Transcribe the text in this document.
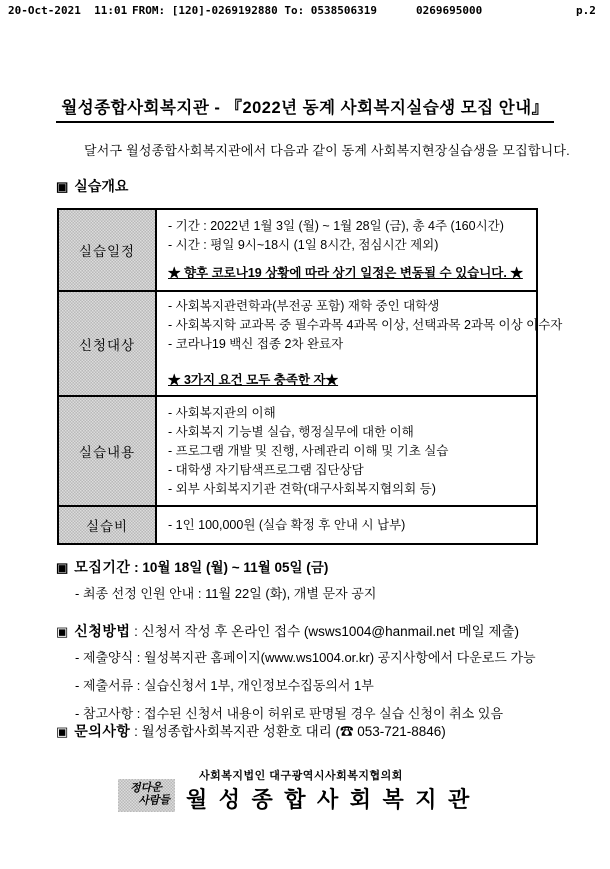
20-Oct-2021  11:01 FROM: [120]-0269192880 To: 0538506319	0269695000	p.2
월성종합사회복지관 - 『2022년 동계 사회복지실습생 모집 안내』
달서구 월성종합사회복지관에서 다음과 같이 동계 사회복지현장실습생을 모집합니다.
▣ 실습개요
실습일정	- 기간 : 2022년 1월 3일 (월) ~ 1월 28일 (금), 총 4주 (160시간)
- 시간 : 평일 9시~18시 (1일 8시간, 점심시간 제외)
★ 향후 코로나19 상황에 따라 상기 일정은 변동될 수 있습니다. ★

신청대상	- 사회복지관련학과(부전공 포함) 재학 중인 대학생
- 사회복지학 교과목 중 필수과목 4과목 이상, 선택과목 2과목 이상 이수자
- 코라나19 백신 접종 2차 완료자
★ 3가지 요건 모두 충족한 자★

실습내용	- 사회복지관의 이해
- 사회복지 기능별 실습, 행정실무에 대한 이해
- 프로그램 개발 및 진행, 사례관리 이해 및 기초 실습
- 대학생 자기탐색프로그램 집단상담
- 외부 사회복지기관 견학(대구사회복지협의회 등)

실습비	- 1인 100,000원 (실습 확정 후 안내 시 납부)
▣ 모집기간 : 10월 18일 (월) ~ 11월 05일 (금)
- 최종 선정 인원 안내 : 11월 22일 (화), 개별 문자 공지
▣ 신청방법 : 신청서 작성 후 온라인 접수 (wsws1004@hanmail.net 메일 제출)
- 제출양식 : 월성복지관 홈페이지(www.ws1004.or.kr) 공지사항에서 다운로드 가능
- 제출서류 : 실습신청서 1부, 개인정보수집동의서 1부
- 참고사항 : 접수된 신청서 내용이 허위로 판명될 경우 실습 신청이 취소 있음
▣ 문의사항 : 월성종합사회복지관 성환호 대리 (☎ 053-721-8846)
사회복지법인 대구광역시사회복지협의회
정다운
사람들 월성종합사회복지관
